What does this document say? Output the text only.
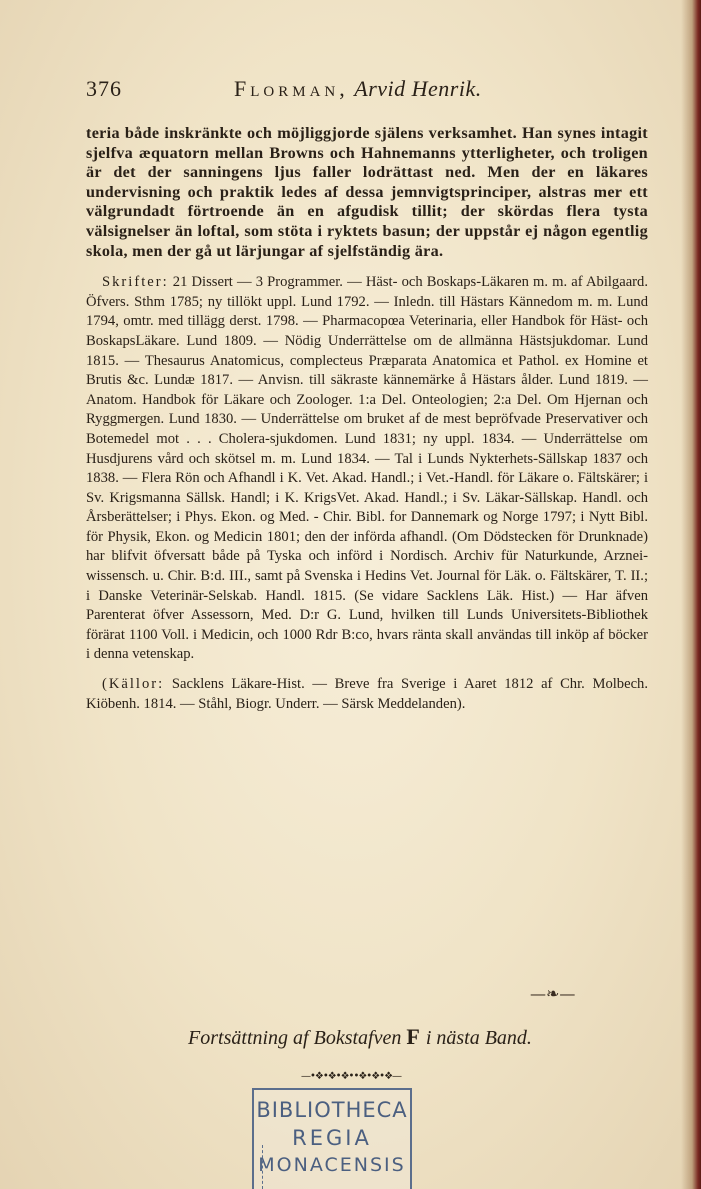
376	Florman, Arvid Henrik.

teria både inskränkte och möjliggjorde själens verksamhet. Han synes intagit sjelfva æquatorn mellan Browns och Hahnemanns ytterligheter, och troligen är det der sanningens ljus faller lodrättast ned. Men der en läkares undervisning och praktik ledes af dessa jemnvigtsprinciper, alstras mer ett välgrundadt förtroende än en afgudisk tillit; der skördas flera tysta välsignelser än loftal, som stöta i ryktets basun; der uppstår ej någon egentlig skola, men der gå ut lärjungar af sjelfständig ära.

Skrifter: 21 Dissert — 3 Programmer. — Häst- och Boskaps-Läkaren m. m. af Abilgaard. Öfvers. Sthm 1785; ny tillökt uppl. Lund 1792. — Inledn. till Hästars Kännedom m. m. Lund 1794, omtr. med tillägg derst. 1798. — Pharmacopœa Veterinaria, eller Handbok för Häst- och BoskapsLäkare. Lund 1809. — Nödig Underrättelse om de allmänna Hästsjukdomar. Lund 1815. — Thesaurus Anatomicus, complecteus Præparata Anatomica et Pathol. ex Homine et Brutis &c. Lundæ 1817. — Anvisn. till säkraste kännemärke å Hästars ålder. Lund 1819. — Anatom. Handbok för Läkare och Zoologer. 1:a Del. Onteologien; 2:a Del. Om Hjernan och Ryggmergen. Lund 1830. — Underrättelse om bruket af de mest bepröfvade Preservativer och Botemedel mot . . . Cholera-sjukdomen. Lund 1831; ny uppl. 1834. — Underrättelse om Husdjurens vård och skötsel m. m. Lund 1834. — Tal i Lunds Nykterhets-Sällskap 1837 och 1838. — Flera Rön och Afhandl i K. Vet. Akad. Handl.; i Vet.-Handl. för Läkare o. Fältskärer; i Sv. Krigsmanna Sällsk. Handl; i K. KrigsVet. Akad. Handl.; i Sv. Läkar-Sällskap. Handl. och Årsberättelser; i Phys. Ekon. og Med. - Chir. Bibl. for Dannemark og Norge 1797; i Nytt Bibl. för Physik, Ekon. og Medicin 1801; den der införda afhandl. (Om Dödstecken för Drunknade) har blifvit öfversatt både på Tyska och införd i Nordisch. Archiv für Naturkunde, Arznei-wissensch. u. Chir. B:d. III., samt på Svenska i Hedins Vet. Journal för Läk. o. Fältskärer, T. II.; i Danske Veterinär-Selskab. Handl. 1815. (Se vidare Sacklens Läk. Hist.) — Har äfven Parenterat öfver Assessorn, Med. D:r G. Lund, hvilken till Lunds Universitets-Bibliothek förärat 1100 Voll. i Medicin, och 1000 Rdr B:co, hvars ränta skall användas till inköp af böcker i denna vetenskap.

(Källor: Sacklens Läkare-Hist. — Breve fra Sverige i Aaret 1812 af Chr. Molbech. Kiöbenh. 1814. — Ståhl, Biogr. Underr. — Särsk Meddelanden).

—❧—
Fortsättning af Bokstafven F i nästa Band.
—•❖•❖•❖••❖•❖•❖—
BIBLIOTHECA
REGIA
MONACENSIS
